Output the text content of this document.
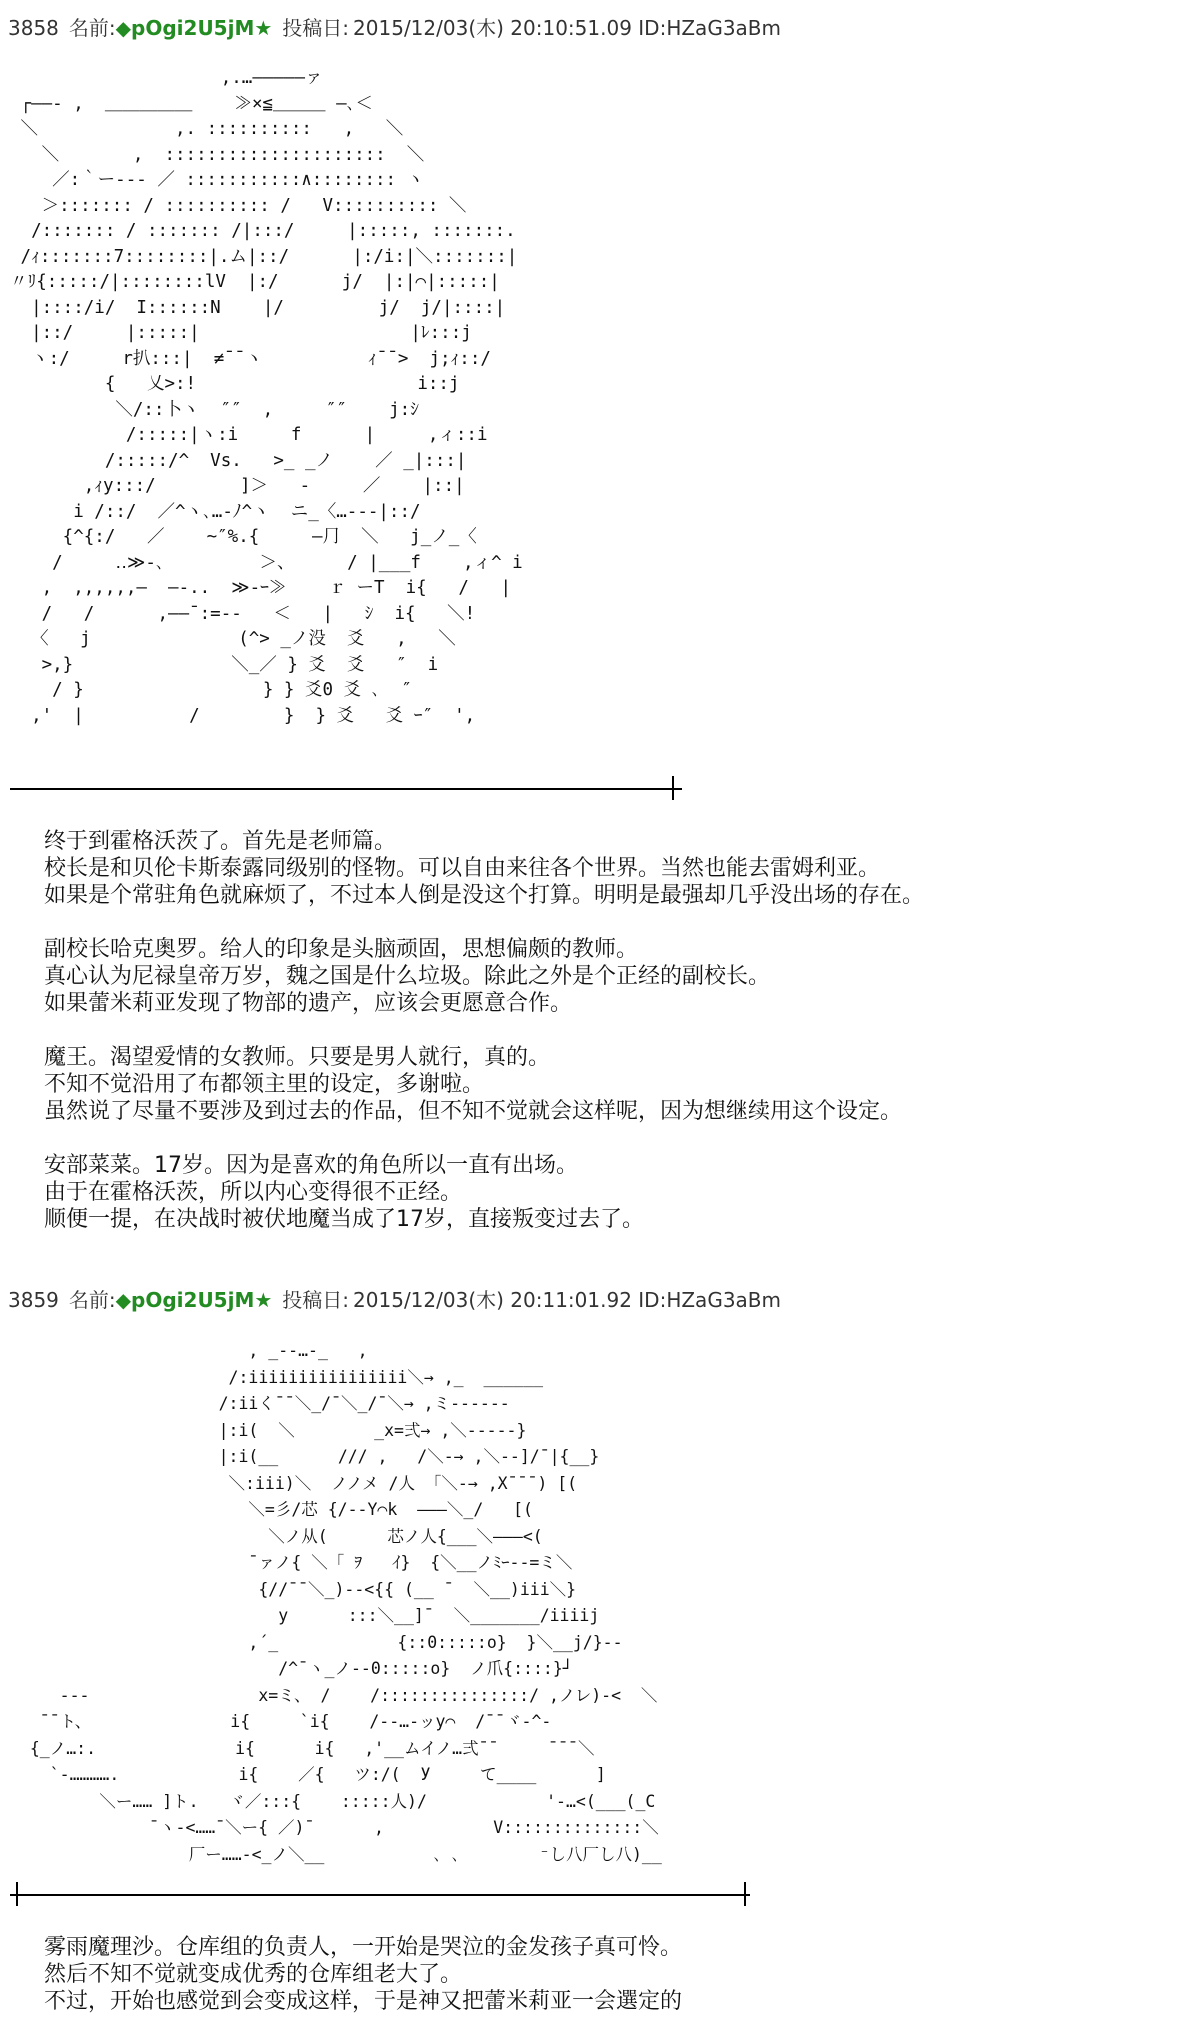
3858 名前:◆pOgi2U5jM★ 投稿日: 2015/12/03(木) 20:10:51.09 ID:HZaG3aBm
,.…―――――ァ
┌――‐ ,  ＿＿＿＿＿    ≫×≦＿＿＿ ―､＜
＼             ,. ::::::::::   ,   ＼
＼       ,  :::::::::::::::::::::  ＼
／:｀ー--- ／ :::::::::::∧:::::::: ヽ
＞::::::: / :::::::::: /   V:::::::::: ＼
/::::::: / ::::::: /|:::/     |:::::, :::::::.
/ｨ:::::::7::::::::|.ム|::/      |:/i:|＼:::::::|
〃ﾘ{:::::/|::::::::lV  |:/      j/  |:|⌒|:::::|
|::::/i/  I::::::N    |/         j/  j/|::::|
|::/     |:::::|                    |ﾚ:::j
ヽ:/     r扒:::|  ≠¯¯ヽ          ｨ¯¯>  j;ｨ::/
{   乂>:!                     i::j
＼/::卜ヽ  ″″  ,     ″″    j:ｼ
/:::::|ヽ:i     f      |     ,ィ::i
/:::::/^  Vs.   >_ _ノ    ／ _|:::|
,ｨy:::/        ]＞   ‐     ／    |::|
i /::/  ／^ヽ､…-ﾉ^ヽ  ニ_〈…---|::/
{^{:/   ／    ~″%.{     ―⺆  ＼   j_ノ_〈
/     ‥≫-､         ＞、     / |___f    ,ィ^ i
,  ,,,,,,―  ―-..  ≫-ｰ≫    ｒ ーT  i{   /   |
/   /      ,――¯:=--   ＜   |   ｼ  i{   ＼!
〈   j              (^> _ノ没  爻   ,   ＼
>,}               ＼_／ } 爻  爻   ″  i
/ }                 } } 爻0 爻 ､  ″
,'  |          /        }  } 爻   爻 ｰ″  ',
终于到霍格沃茨了。首先是老师篇。
校长是和贝伦卡斯泰露同级别的怪物。可以自由来往各个世界。当然也能去雷姆利亚。
如果是个常驻角色就麻烦了，不过本人倒是没这个打算。明明是最强却几乎没出场的存在。
副校长哈克奥罗。给人的印象是头脑顽固，思想偏颇的教师。
真心认为尼禄皇帝万岁，魏之国是什么垃圾。除此之外是个正经的副校长。
如果蕾米莉亚发现了物部的遗产，应该会更愿意合作。
魔王。渴望爱情的女教师。只要是男人就行，真的。
不知不觉沿用了布都领主里的设定，多谢啦。
虽然说了尽量不要涉及到过去的作品，但不知不觉就会这样呢，因为想继续用这个设定。
安部菜菜。17岁。因为是喜欢的角色所以一直有出场。
由于在霍格沃茨，所以内心变得很不正经。
顺便一提，在决战时被伏地魔当成了17岁，直接叛变过去了。
3859 名前:◆pOgi2U5jM★ 投稿日: 2015/12/03(木) 20:11:01.92 ID:HZaG3aBm
, _--…-_   ,
/:iiiiiiiiiiiiiiii＼→ ,_  ______
/:iiく¯¯＼_/¯＼_/¯＼→ ,ミ------
|:i(  ＼        _x=弍→ ,＼-----}
|:i(__      /// ,   /＼-→ ,＼--]/¯|{__}
＼:iii)＼  ノノメ /人 「＼-→ ,X¯¯¯) [(
＼=彡/芯 {/--Y⌒k  ―――＼_/   [(
＼ノ从(      芯ノ人{___＼―――<(
¯ァノ{ ＼「 ｦ   ｲ}  {＼__ノﾐｰ--=ミ＼
{//¯¯＼_)--<{{ (__ ¯  ＼__)iii＼}
y      :::＼__]¯  ＼_______/iiiij
,´_            {::0:::::o}  }＼__j/}--
/^¯ヽ_ノ--0:::::o}  ノ爪{::::}┘
---                 x=ミ、 /    /:::::::::::::::/ ,ノレ)-<  ＼
¯¯ト、              i{     `i{    /--…-ッy⌒  /¯¯ヾ-^-
{_ノ…:.              i{      i{   ,'__ムイノ…弍¯¯     ¯¯¯＼
`-………….            i{    ／{   ツ:/(  У     て____      ]
＼ー…… ]ト.   ヾ／:::{    :::::人)/            '-…<(___(_C
¯ヽ-<……¯＼ー{ ／)¯      ,           V::::::::::::::＼
厂ー……-<_ノ＼__           ､ ､        ⁻し八厂し八)__
雾雨魔理沙。仓库组的负责人，一开始是哭泣的金发孩子真可怜。
然后不知不觉就变成优秀的仓库组老大了。
不过，开始也感觉到会变成这样，于是神又把蕾米莉亚一会選定的
